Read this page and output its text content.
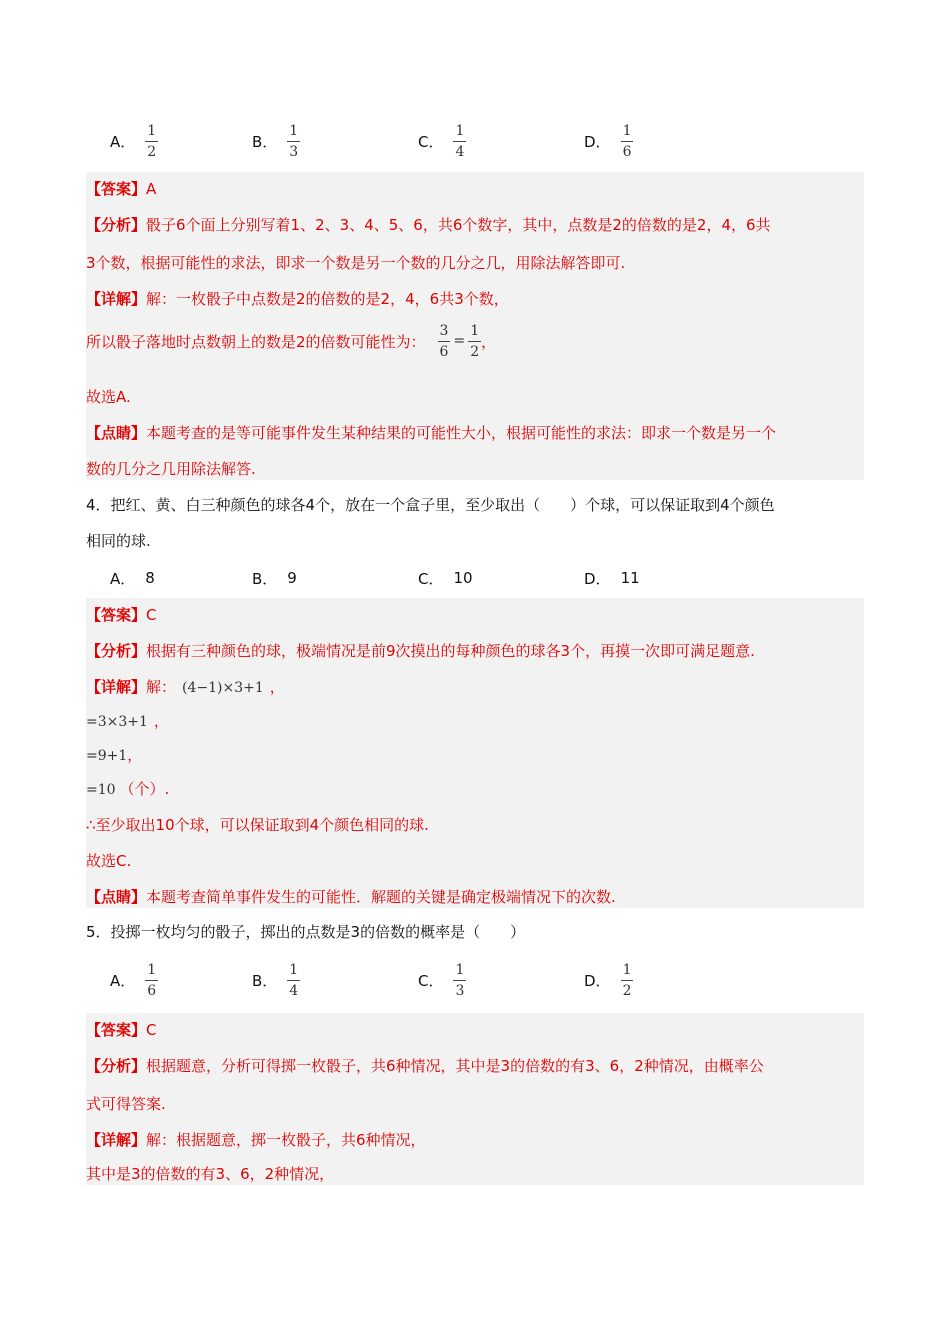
A． $\frac{1}{2}$	B． $\frac{1}{3}$	C． $\frac{1}{4}$	D． $\frac{1}{6}$
【答案】A
【分析】骰子6个面上分别写着1、2、3、4、5、6，共6个数字，其中，点数是2的倍数的是2，4，6共
3个数，根据可能性的求法，即求一个数是另一个数的几分之几，用除法解答即可.
【详解】解：一枚骰子中点数是2的倍数的是2，4，6共3个数，
所以骰子落地时点数朝上的数是2的倍数可能性为： $\frac{3}{6} = \frac{1}{2}$ ，
故选A.
【点睛】本题考查的是等可能事件发生某种结果的可能性大小，根据可能性的求法：即求一个数是另一个
数的几分之几用除法解答.
4．把红、黄、白三种颜色的球各4个，放在一个盒子里，至少取出（　　）个球，可以保证取到4个颜色
相同的球.
A． 8	B． 9	C． 10	D． 11
【答案】C
【分析】根据有三种颜色的球，极端情况是前9次摸出的每种颜色的球各3个，再摸一次即可满足题意.
【详解】解： (4−1)×3+1 ，
=3×3+1 ，
=9+1，
=10 （个）.
∴至少取出10个球，可以保证取到4个颜色相同的球.
故选C.
【点睛】本题考查简单事件发生的可能性．解题的关键是确定极端情况下的次数.
5．投掷一枚均匀的骰子，掷出的点数是3的倍数的概率是（　　）
A． $\frac{1}{6}$	B． $\frac{1}{4}$	C． $\frac{1}{3}$	D． $\frac{1}{2}$
【答案】C
【分析】根据题意，分析可得掷一枚骰子，共6种情况，其中是3的倍数的有3、6，2种情况，由概率公
式可得答案.
【详解】解：根据题意，掷一枚骰子，共6种情况，
其中是3的倍数的有3、6，2种情况，
